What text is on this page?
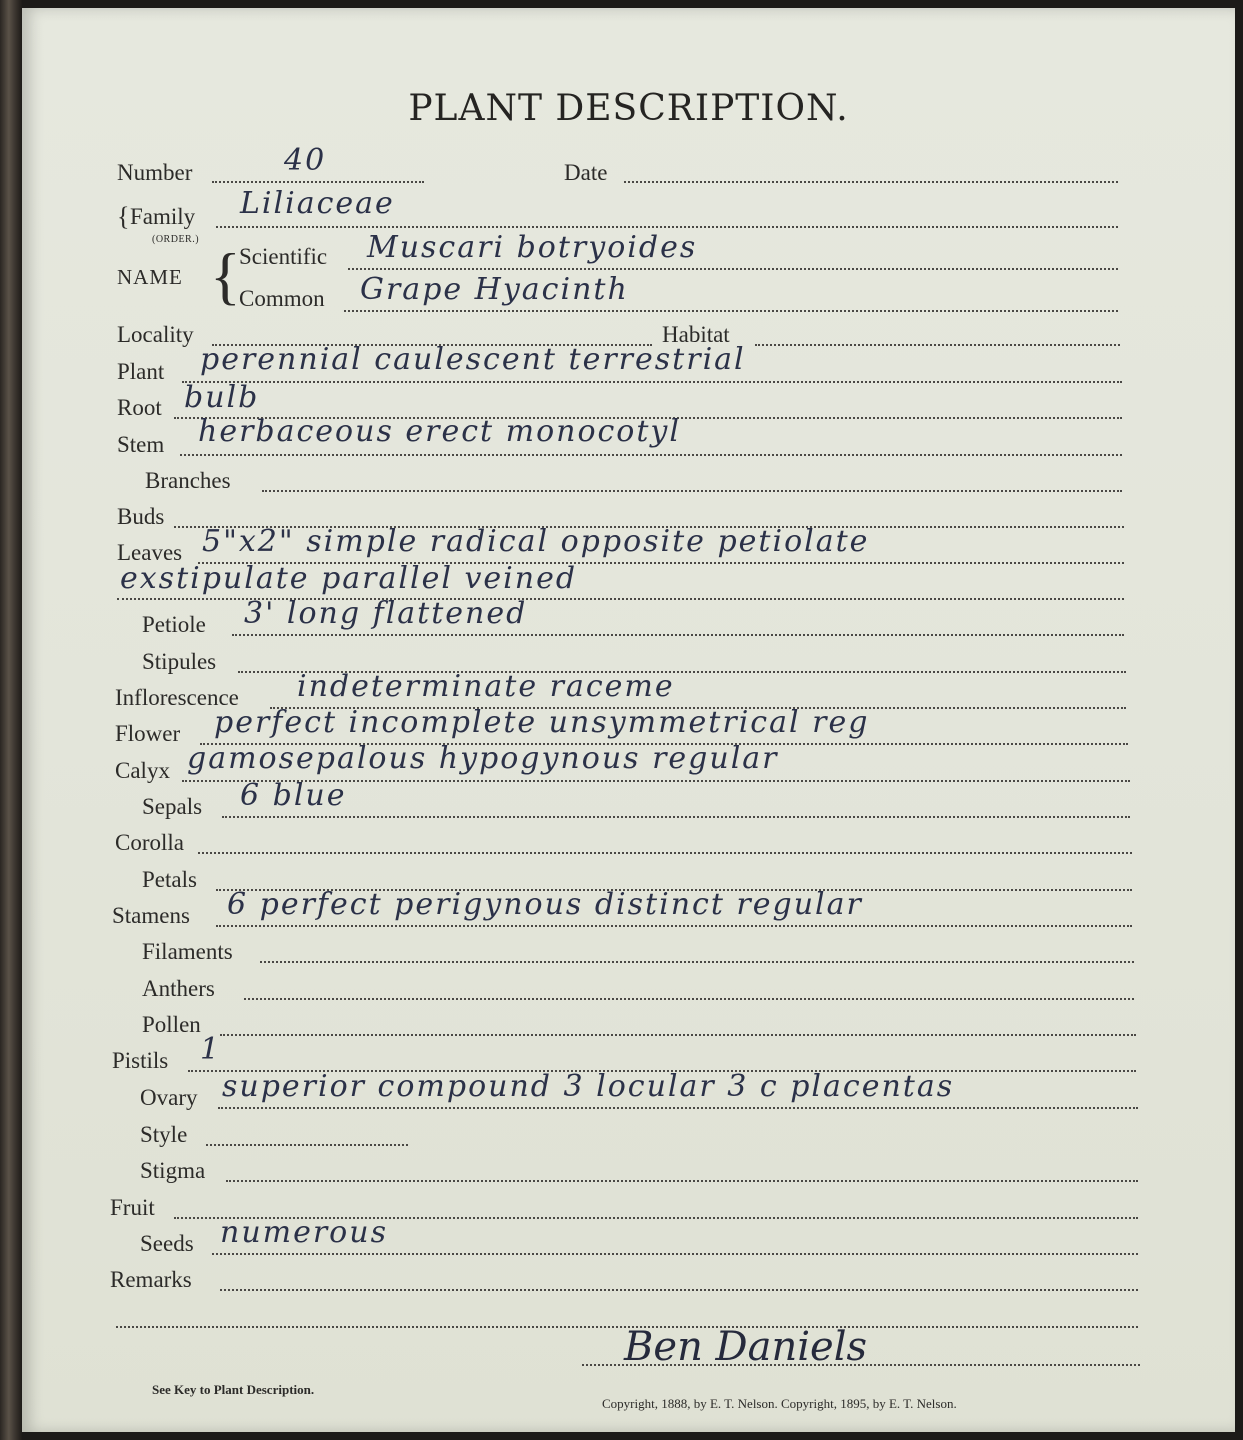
PLANT DESCRIPTION.
Number	40	Date
{ Family
(ORDER.)
Liliaceae
NAME {
Scientific Muscari botryoides
Common Grape Hyacinth
Locality	Habitat
Plant perennial caulescent terrestrial
Root bulb
Stem herbaceous erect monocotyl
Branches
Buds
Leaves 5"x2" simple radical opposite petiolate
exstipulate parallel veined
Petiole 3' long flattened
Stipules
Inflorescence indeterminate raceme
Flower perfect incomplete unsymmetrical reg
Calyx gamosepalous hypogynous regular
Sepals 6 blue
Corolla
Petals
Stamens 6 perfect perigynous distinct regular
Filaments
Anthers
Pollen
Pistils 1
Ovary superior compound 3 locular 3 c placentas
Style
Stigma
Fruit
Seeds numerous
Remarks
Ben Daniels
See Key to Plant Description.
Copyright, 1888, by E. T. Nelson. Copyright, 1895, by E. T. Nelson.
